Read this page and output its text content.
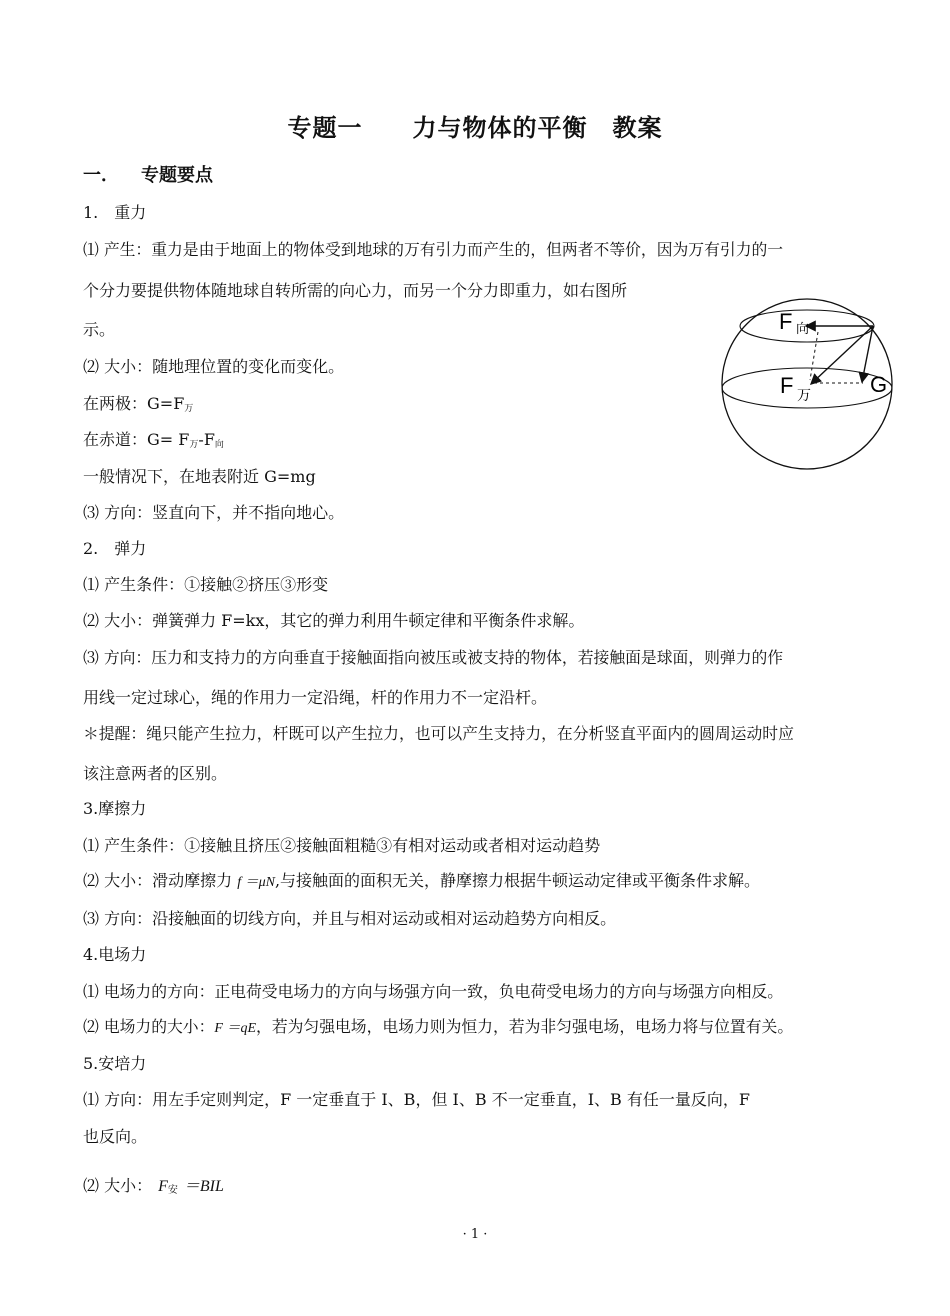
专题一　　力与物体的平衡　教案
一． 专题要点
1.　重力
⑴ 产生：重力是由于地面上的物体受到地球的万有引力而产生的，但两者不等价，因为万有引力的一
个分力要提供物体随地球自转所需的向心力，而另一个分力即重力，如右图所
示。
⑵ 大小：随地理位置的变化而变化。
在两极：$G=F_万$
在赤道：$G= F_万-F_向$
一般情况下，在地表附近 G=mg
⑶ 方向：竖直向下，并不指向地心。
F 向
F 万	G
2.　弹力
⑴ 产生条件：①接触②挤压③形变
⑵ 大小：弹簧弹力 F=kx，其它的弹力利用牛顿定律和平衡条件求解。
⑶ 方向：压力和支持力的方向垂直于接触面指向被压或被支持的物体，若接触面是球面，则弹力的作
用线一定过球心，绳的作用力一定沿绳，杆的作用力不一定沿杆。
＊提醒：绳只能产生拉力，杆既可以产生拉力，也可以产生支持力，在分析竖直平面内的圆周运动时应
该注意两者的区别。
3.摩擦力
⑴ 产生条件：①接触且挤压②接触面粗糙③有相对运动或者相对运动趋势
⑵ 大小：滑动摩擦力 f ＝μN,与接触面的面积无关，静摩擦力根据牛顿运动定律或平衡条件求解。
⑶ 方向：沿接触面的切线方向，并且与相对运动或相对运动趋势方向相反。
4.电场力
⑴ 电场力的方向：正电荷受电场力的方向与场强方向一致，负电荷受电场力的方向与场强方向相反。
⑵ 电场力的大小：F ＝qE，若为匀强电场，电场力则为恒力，若为非匀强电场，电场力将与位置有关。
5.安培力
⑴ 方向：用左手定则判定，F 一定垂直于 I、B，但 I、B 不一定垂直，I、B 有任一量反向，F
也反向。
⑵ 大小： $F_安 =BIL$
· 1 ·
